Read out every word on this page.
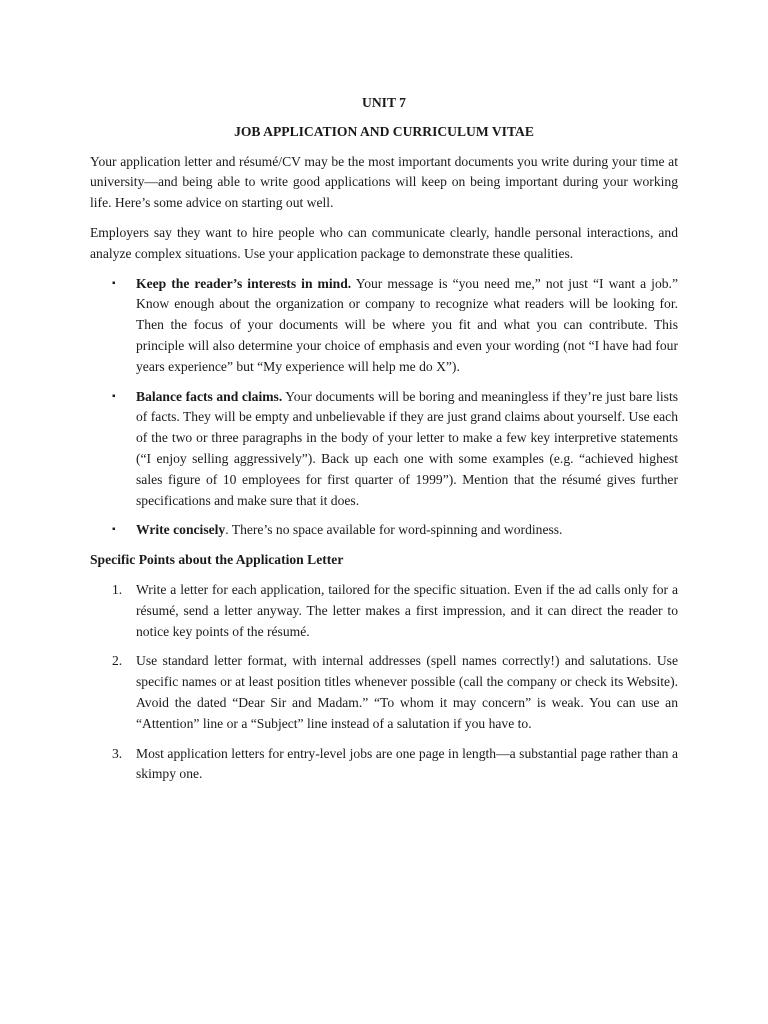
UNIT 7

JOB APPLICATION AND CURRICULUM VITAE

Your application letter and résumé/CV may be the most important documents you write during your time at university—and being able to write good applications will keep on being important during your working life. Here’s some advice on starting out well.

Employers say they want to hire people who can communicate clearly, handle personal interactions, and analyze complex situations. Use your application package to demonstrate these qualities.

▪ Keep the reader’s interests in mind. Your message is “you need me,” not just “I want a job.” Know enough about the organization or company to recognize what readers will be looking for. Then the focus of your documents will be where you fit and what you can contribute. This principle will also determine your choice of emphasis and even your wording (not “I have had four years experience” but “My experience will help me do X”).
▪ Balance facts and claims. Your documents will be boring and meaningless if they’re just bare lists of facts. They will be empty and unbelievable if they are just grand claims about yourself. Use each of the two or three paragraphs in the body of your letter to make a few key interpretive statements (“I enjoy selling aggressively”). Back up each one with some examples (e.g. “achieved highest sales figure of 10 employees for first quarter of 1999”). Mention that the résumé gives further specifications and make sure that it does.
▪ Write concisely. There’s no space available for word-spinning and wordiness.

Specific Points about the Application Letter

1. Write a letter for each application, tailored for the specific situation. Even if the ad calls only for a résumé, send a letter anyway. The letter makes a first impression, and it can direct the reader to notice key points of the résumé.
2. Use standard letter format, with internal addresses (spell names correctly!) and salutations. Use specific names or at least position titles whenever possible (call the company or check its Website). Avoid the dated “Dear Sir and Madam.” “To whom it may concern” is weak. You can use an “Attention” line or a “Subject” line instead of a salutation if you have to.
3. Most application letters for entry-level jobs are one page in length—a substantial page rather than a skimpy one.
